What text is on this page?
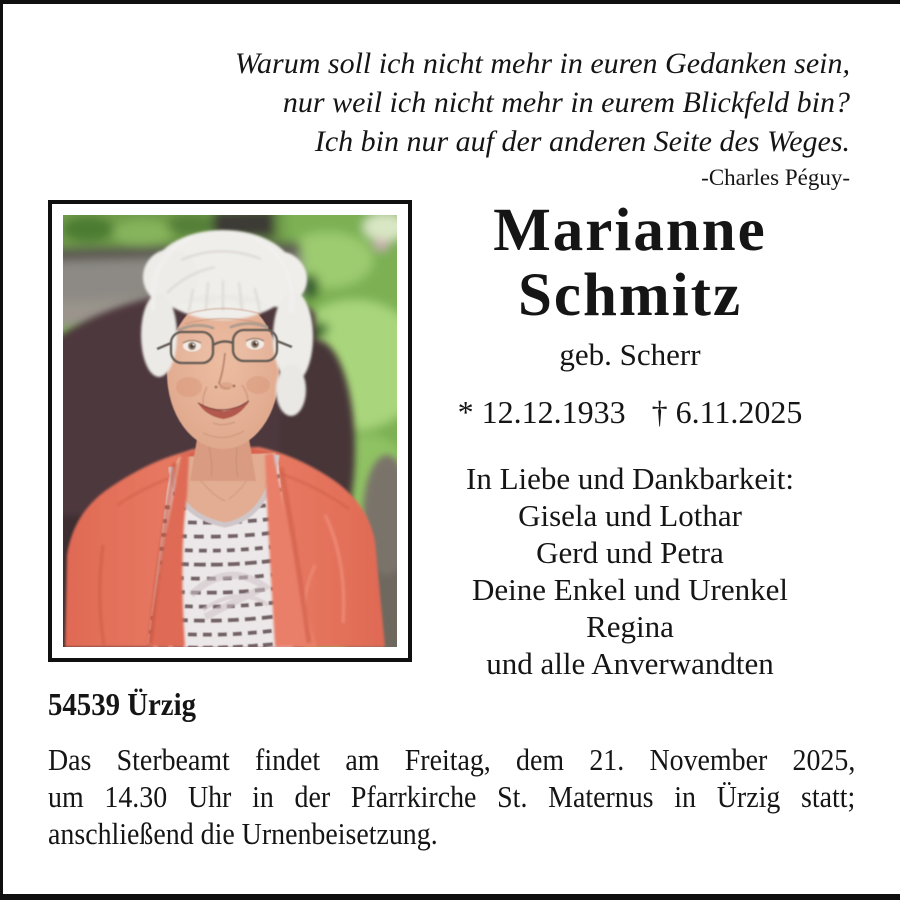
Warum soll ich nicht mehr in euren Gedanken sein,
nur weil ich nicht mehr in eurem Blickfeld bin?
Ich bin nur auf der anderen Seite des Weges.
-Charles Péguy-
Marianne
Schmitz
geb. Scherr
* 12.12.1933 † 6.11.2025
In Liebe und Dankbarkeit:
Gisela und Lothar
Gerd und Petra
Deine Enkel und Urenkel
Regina
und alle Anverwandten
54539 Ürzig
Das Sterbeamt findet am Freitag, dem 21. November 2025,
um 14.30 Uhr in der Pfarrkirche St. Maternus in Ürzig statt;
anschließend die Urnenbeisetzung.
